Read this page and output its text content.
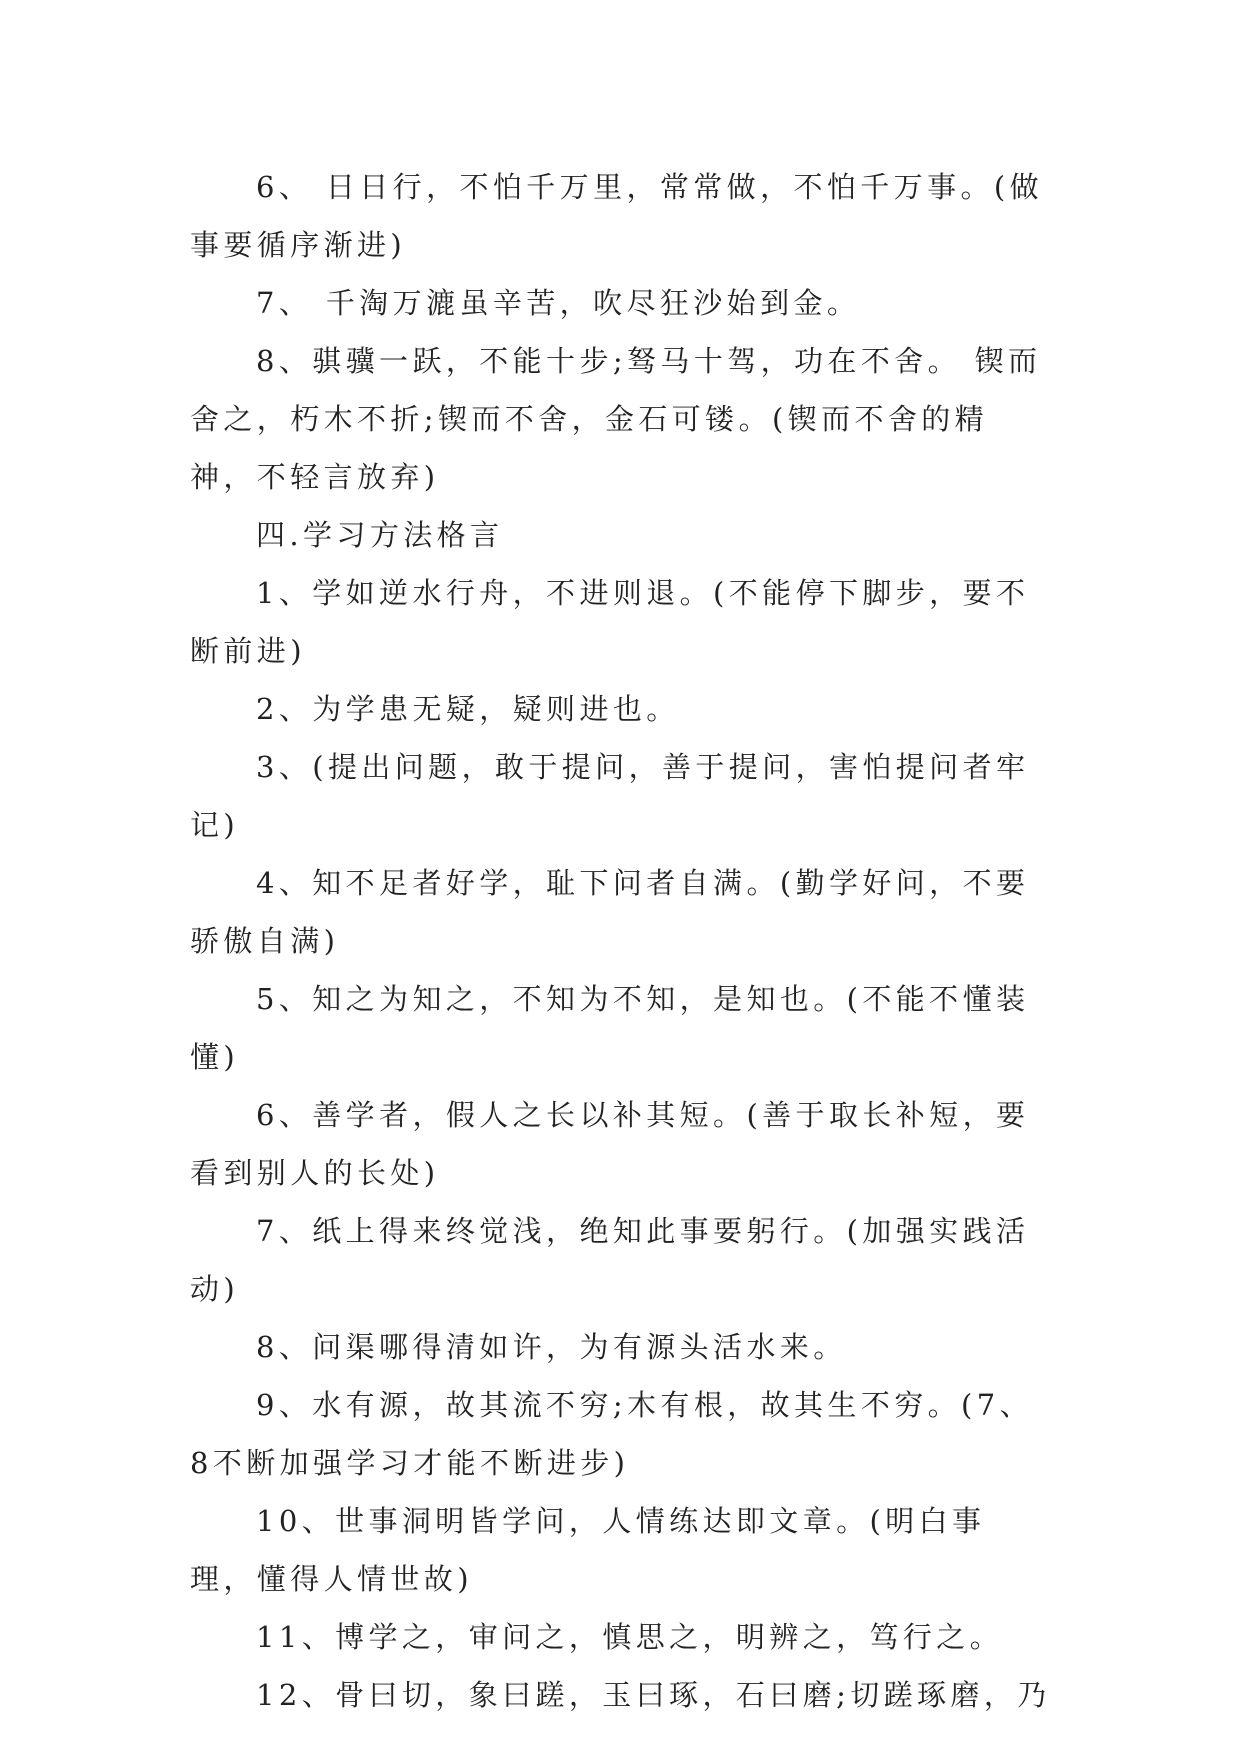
6、 日日行，不怕千万里，常常做，不怕千万事。(做事要循序渐进)

7、 千淘万漉虽辛苦，吹尽狂沙始到金。

8、骐骥一跃，不能十步;驽马十驾，功在不舍。 锲而舍之，朽木不折;锲而不舍，金石可镂。(锲而不舍的精神，不轻言放弃)

四.学习方法格言

1、学如逆水行舟，不进则退。(不能停下脚步，要不断前进)

2、为学患无疑，疑则进也。

3、(提出问题，敢于提问，善于提问，害怕提问者牢记)

4、知不足者好学，耻下问者自满。(勤学好问，不要骄傲自满)

5、知之为知之，不知为不知，是知也。(不能不懂装懂)

6、善学者，假人之长以补其短。(善于取长补短，要看到别人的长处)

7、纸上得来终觉浅，绝知此事要躬行。(加强实践活动)

8、问渠哪得清如许，为有源头活水来。

9、水有源，故其流不穷;木有根，故其生不穷。(7、8不断加强学习才能不断进步)

10、世事洞明皆学问，人情练达即文章。(明白事理，懂得人情世故)

11、博学之，审问之，慎思之，明辨之，笃行之。

12、骨曰切，象曰蹉，玉曰琢，石曰磨;切蹉琢磨，乃
